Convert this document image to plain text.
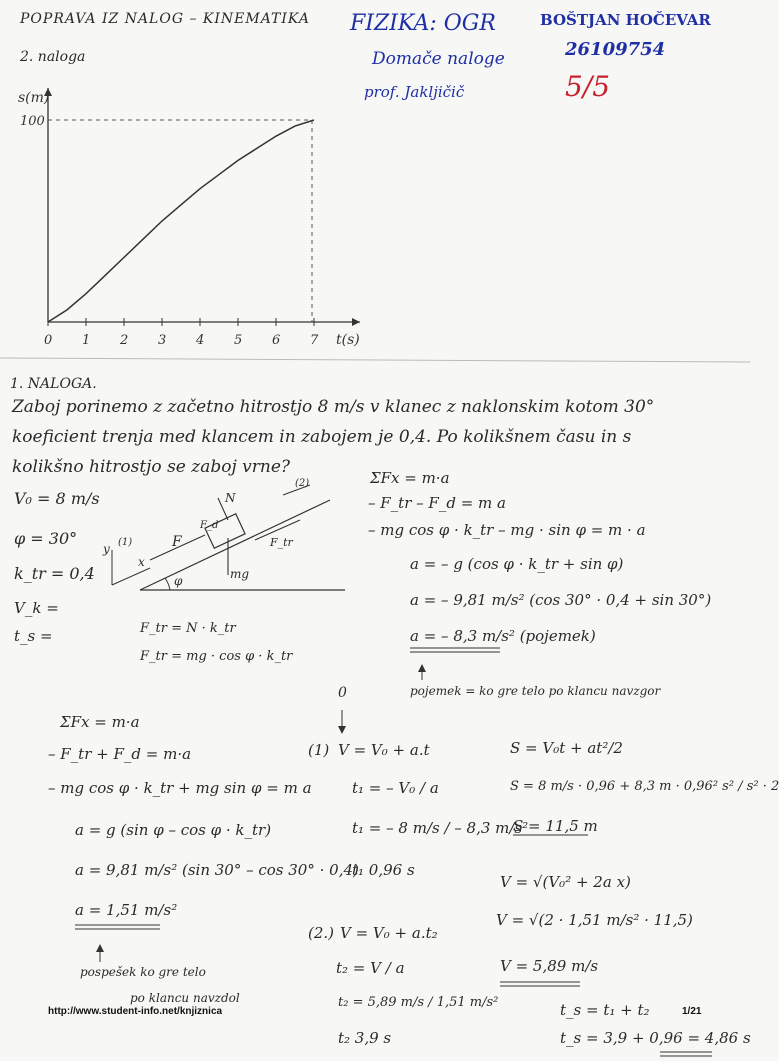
POPRAVA IZ NALOG – KINEMATIKA
2. naloga
FIZIKA: OGR
Domače naloge
prof. Jakljičič
BOŠTJAN HOČEVAR
26109754
5/5
0 1 2 3 4 5 6 7
s(m)
100
t(s)
1. NALOGA.
Zaboj porinemo z začetno hitrostjo 8 m/s v klanec z naklonskim kotom 30°
koeficient trenja med klancem in zabojem je 0,4. Po kolikšnem času in s
kolikšno hitrostjo se zaboj vrne?
V₀ = 8 m/s
φ = 30°
k_tr = 0,4
V_k =
t_s =
y (1)
x
F
F_d
N
F_tr
mg
φ
(2)
F_tr = N · k_tr
F_tr = mg · cos φ · k_tr
ΣFx = m·a
– F_tr – F_d = m a
– mg cos φ · k_tr – mg · sin φ = m · a
a = – g (cos φ · k_tr + sin φ)
a = – 9,81 m/s² (cos 30° · 0,4 + sin 30°)
a = – 8,3 m/s² (pojemek)
pojemek = ko gre telo po klancu navzgor
0
ΣFx = m·a
– F_tr + F_d = m·a
– mg cos φ · k_tr + mg sin φ = m a
a = g (sin φ – cos φ · k_tr)
a = 9,81 m/s² (sin 30° – cos 30° · 0,4)
a = 1,51 m/s²
pospešek ko gre telo
po klancu navzdol
(1) V = V₀ + a.t
t₁ = – V₀ / a
t₁ = – 8 m/s / – 8,3 m/s²
t₁ 0,96 s
S = V₀t + at²/2
S = 8 m/s · 0,96 + 8,3 m · 0,96² s² / s² · 2
S = 11,5 m
V = √(V₀² + 2a x)
V = √(2 · 1,51 m/s² · 11,5)
V = 5,89 m/s
(2.) V = V₀ + a.t₂
t₂ = V / a
t₂ = 5,89 m/s / 1,51 m/s²
t₂ 3,9 s
t_s = t₁ + t₂
t_s = 3,9 + 0,96 = 4,86 s
http://www.student-info.net/knjiznica	1/21
